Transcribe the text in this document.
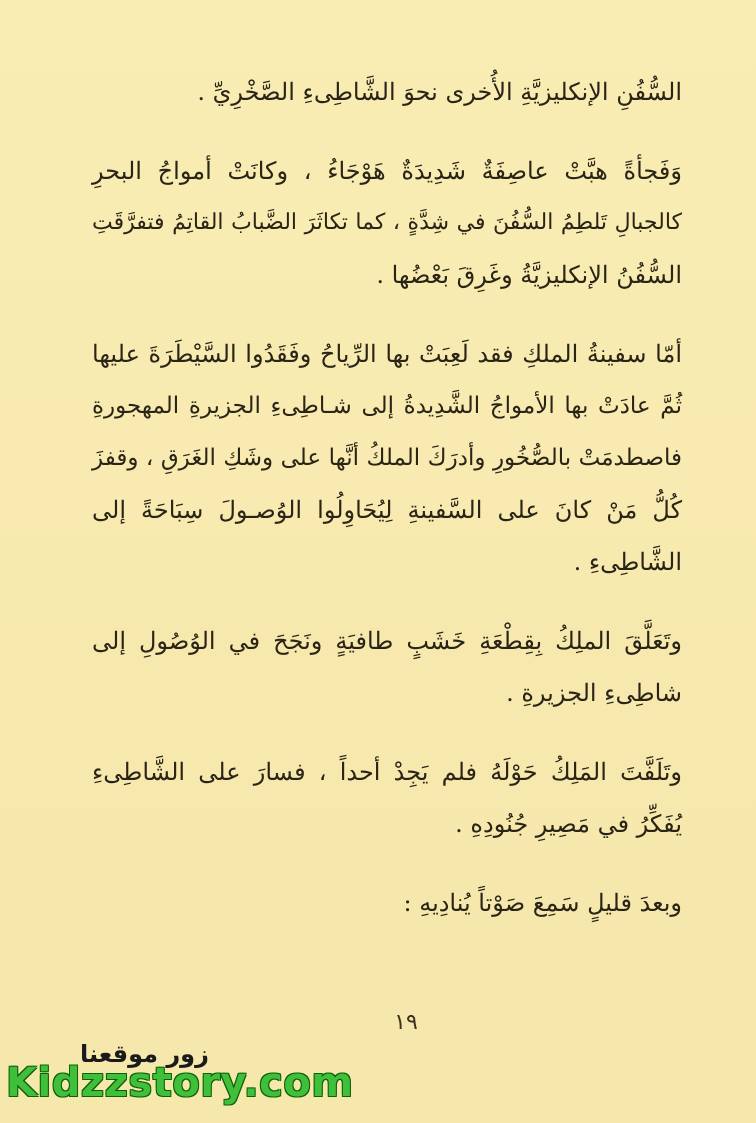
السُّفُنِ الإنكليزيَّةِ الأُخرى نحوَ الشَّاطِىءِ الصَّخْرِيِّ .
وَفَجأةً هبَّتْ عاصِفَةٌ شَدِيدَةٌ هَوْجَاءُ ، وكانَتْ أمواجُ البحرِ
كالجبالِ تَلطِمُ السُّفُنَ في شِدَّةٍ ، كما تكاثَرَ الضَّبابُ القاتِمُ فتفرَّقَتِ
السُّفُنُ الإنكليزيَّةُ وغَرِقَ بَعْضُها .
أمّا سفينةُ الملكِ فقد لَعِبَتْ بها الرِّياحُ وفَقَدُوا السَّيْطَرَةَ عليها
ثُمَّ عادَتْ بها الأمواجُ الشَّدِيدةُ إلى شـاطِىءِ الجزيرةِ المهجورةِ
فاصطدمَتْ بالصُّخُورِ وأدرَكَ الملكُ أنَّها على وشَكِ الغَرَقِ ، وقفزَ
كُلُّ مَنْ كانَ على السَّفينةِ لِيُحَاوِلُوا الوُصـولَ سِبَاحَةً إلى
الشَّاطِىءِ .
وتَعَلَّقَ الملِكُ بِقِطْعَةِ خَشَبٍ طافيَةٍ ونَجَحَ في الوُصُولِ إلى
شاطِىءِ الجزيرةِ .
وتَلَفَّتَ المَلِكُ حَوْلَهُ فلم يَجِدْ أحداً ، فسارَ على الشَّاطِىءِ
يُفَكِّرُ في مَصِيرِ جُنُودِهِ .
وبعدَ قليلٍ سَمِعَ صَوْتاً يُنادِيهِ :
١٩
زور موقعنا
Kidzzstory.com
